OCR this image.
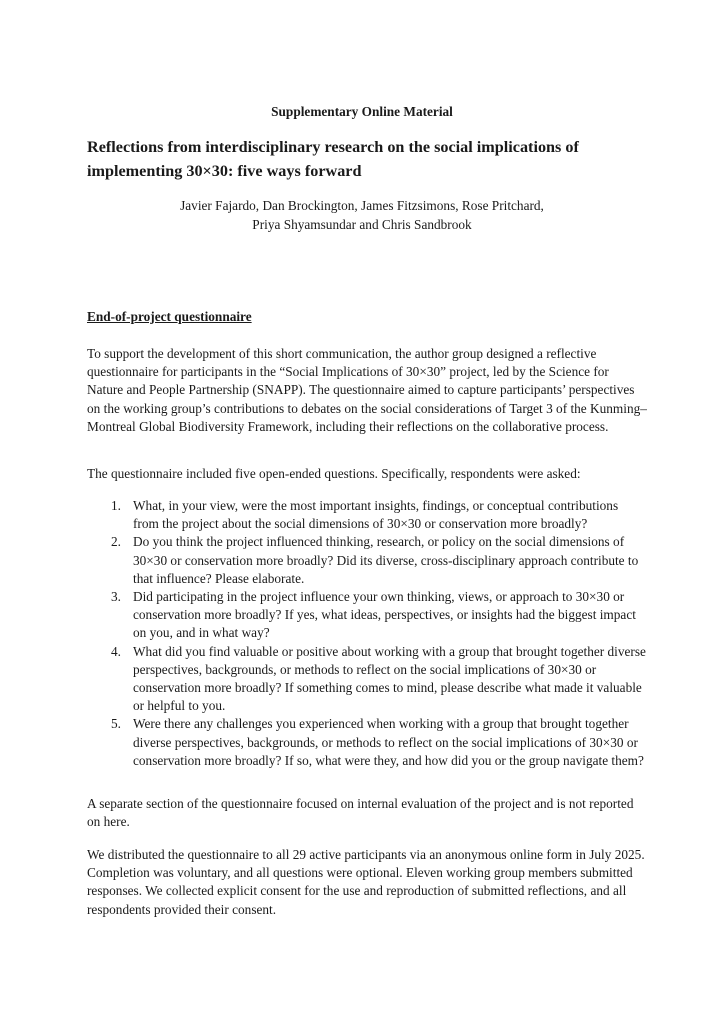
Supplementary Online Material
Reflections from interdisciplinary research on the social implications of implementing 30×30: five ways forward
Javier Fajardo, Dan Brockington, James Fitzsimons, Rose Pritchard,
Priya Shyamsundar and Chris Sandbrook
End-of-project questionnaire

To support the development of this short communication, the author group designed a reflective questionnaire for participants in the “Social Implications of 30×30” project, led by the Science for Nature and People Partnership (SNAPP). The questionnaire aimed to capture participants’ perspectives on the working group’s contributions to debates on the social considerations of Target 3 of the Kunming–Montreal Global Biodiversity Framework, including their reflections on the collaborative process.

The questionnaire included five open-ended questions. Specifically, respondents were asked:

1. What, in your view, were the most important insights, findings, or conceptual contributions from the project about the social dimensions of 30×30 or conservation more broadly?
2. Do you think the project influenced thinking, research, or policy on the social dimensions of 30×30 or conservation more broadly? Did its diverse, cross-disciplinary approach contribute to that influence? Please elaborate.
3. Did participating in the project influence your own thinking, views, or approach to 30×30 or conservation more broadly? If yes, what ideas, perspectives, or insights had the biggest impact on you, and in what way?
4. What did you find valuable or positive about working with a group that brought together diverse perspectives, backgrounds, or methods to reflect on the social implications of 30×30 or conservation more broadly? If something comes to mind, please describe what made it valuable or helpful to you.
5. Were there any challenges you experienced when working with a group that brought together diverse perspectives, backgrounds, or methods to reflect on the social implications of 30×30 or conservation more broadly? If so, what were they, and how did you or the group navigate them?

A separate section of the questionnaire focused on internal evaluation of the project and is not reported on here.

We distributed the questionnaire to all 29 active participants via an anonymous online form in July 2025. Completion was voluntary, and all questions were optional. Eleven working group members submitted responses. We collected explicit consent for the use and reproduction of submitted reflections, and all respondents provided their consent.
